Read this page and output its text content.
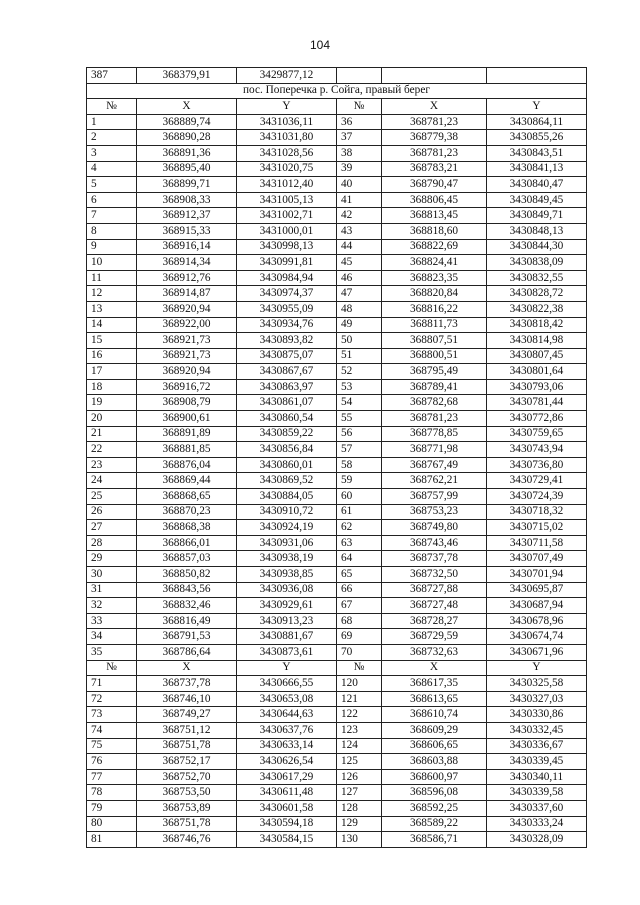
104
387	368379,91	3429877,12			
пос. Поперечка р. Сойга, правый берег					
№	X	Y	№	X	Y
1	368889,74	3431036,11	36	368781,23	3430864,11
2	368890,28	3431031,80	37	368779,38	3430855,26
3	368891,36	3431028,56	38	368781,23	3430843,51
4	368895,40	3431020,75	39	368783,21	3430841,13
5	368899,71	3431012,40	40	368790,47	3430840,47
6	368908,33	3431005,13	41	368806,45	3430849,45
7	368912,37	3431002,71	42	368813,45	3430849,71
8	368915,33	3431000,01	43	368818,60	3430848,13
9	368916,14	3430998,13	44	368822,69	3430844,30
10	368914,34	3430991,81	45	368824,41	3430838,09
11	368912,76	3430984,94	46	368823,35	3430832,55
12	368914,87	3430974,37	47	368820,84	3430828,72
13	368920,94	3430955,09	48	368816,22	3430822,38
14	368922,00	3430934,76	49	368811,73	3430818,42
15	368921,73	3430893,82	50	368807,51	3430814,98
16	368921,73	3430875,07	51	368800,51	3430807,45
17	368920,94	3430867,67	52	368795,49	3430801,64
18	368916,72	3430863,97	53	368789,41	3430793,06
19	368908,79	3430861,07	54	368782,68	3430781,44
20	368900,61	3430860,54	55	368781,23	3430772,86
21	368891,89	3430859,22	56	368778,85	3430759,65
22	368881,85	3430856,84	57	368771,98	3430743,94
23	368876,04	3430860,01	58	368767,49	3430736,80
24	368869,44	3430869,52	59	368762,21	3430729,41
25	368868,65	3430884,05	60	368757,99	3430724,39
26	368870,23	3430910,72	61	368753,23	3430718,32
27	368868,38	3430924,19	62	368749,80	3430715,02
28	368866,01	3430931,06	63	368743,46	3430711,58
29	368857,03	3430938,19	64	368737,78	3430707,49
30	368850,82	3430938,85	65	368732,50	3430701,94
31	368843,56	3430936,08	66	368727,88	3430695,87
32	368832,46	3430929,61	67	368727,48	3430687,94
33	368816,49	3430913,23	68	368728,27	3430678,96
34	368791,53	3430881,67	69	368729,59	3430674,74
35	368786,64	3430873,61	70	368732,63	3430671,96
№	X	Y	№	X	Y
71	368737,78	3430666,55	120	368617,35	3430325,58
72	368746,10	3430653,08	121	368613,65	3430327,03
73	368749,27	3430644,63	122	368610,74	3430330,86
74	368751,12	3430637,76	123	368609,29	3430332,45
75	368751,78	3430633,14	124	368606,65	3430336,67
76	368752,17	3430626,54	125	368603,88	3430339,45
77	368752,70	3430617,29	126	368600,97	3430340,11
78	368753,50	3430611,48	127	368596,08	3430339,58
79	368753,89	3430601,58	128	368592,25	3430337,60
80	368751,78	3430594,18	129	368589,22	3430333,24
81	368746,76	3430584,15	130	368586,71	3430328,09
